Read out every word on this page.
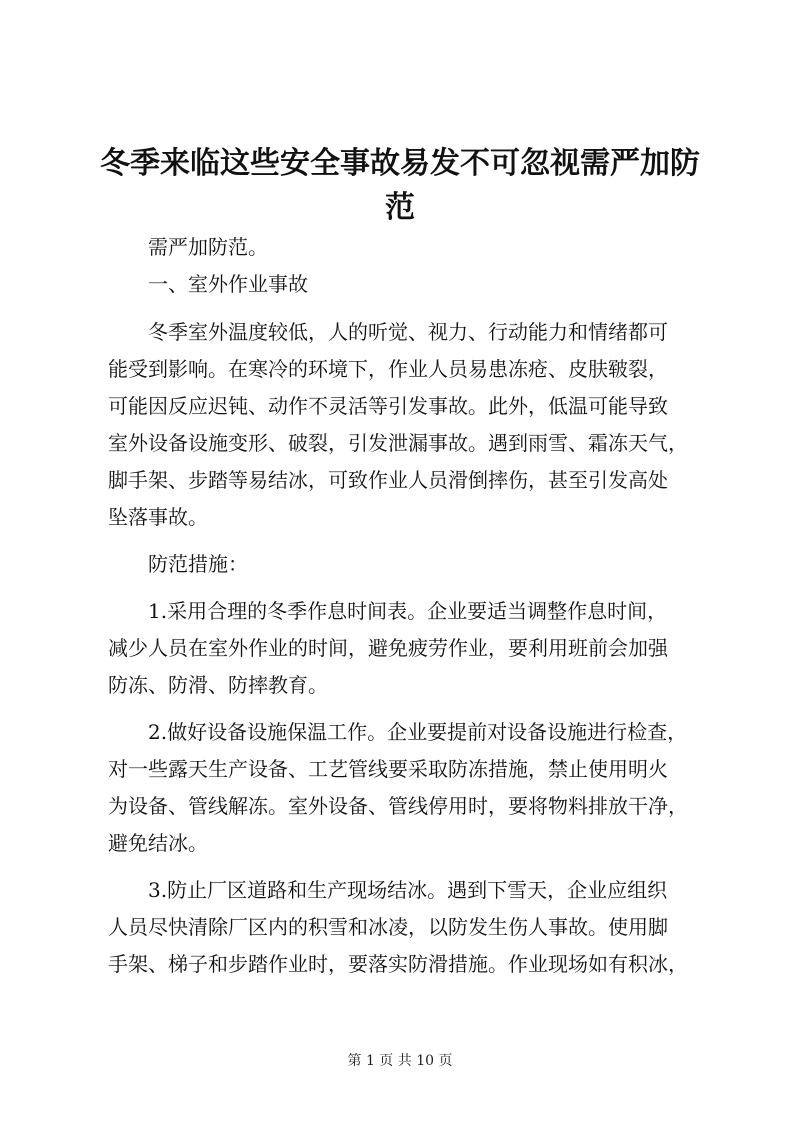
冬季来临这些安全事故易发不可忽视需严加防
范

需严加防范。

一、室外作业事故

冬季室外温度较低，人的听觉、视力、行动能力和情绪都可

能受到影响。在寒冷的环境下，作业人员易患冻疮、皮肤皲裂，

可能因反应迟钝、动作不灵活等引发事故。此外，低温可能导致

室外设备设施变形、破裂，引发泄漏事故。遇到雨雪、霜冻天气，

脚手架、步踏等易结冰，可致作业人员滑倒摔伤，甚至引发高处

坠落事故。

防范措施：

1.采用合理的冬季作息时间表。企业要适当调整作息时间，

减少人员在室外作业的时间，避免疲劳作业，要利用班前会加强

防冻、防滑、防摔教育。

2.做好设备设施保温工作。企业要提前对设备设施进行检查，

对一些露天生产设备、工艺管线要采取防冻措施，禁止使用明火

为设备、管线解冻。室外设备、管线停用时，要将物料排放干净，

避免结冰。

3.防止厂区道路和生产现场结冰。遇到下雪天，企业应组织

人员尽快清除厂区内的积雪和冰凌，以防发生伤人事故。使用脚

手架、梯子和步踏作业时，要落实防滑措施。作业现场如有积冰，

第 1 页 共 10 页
